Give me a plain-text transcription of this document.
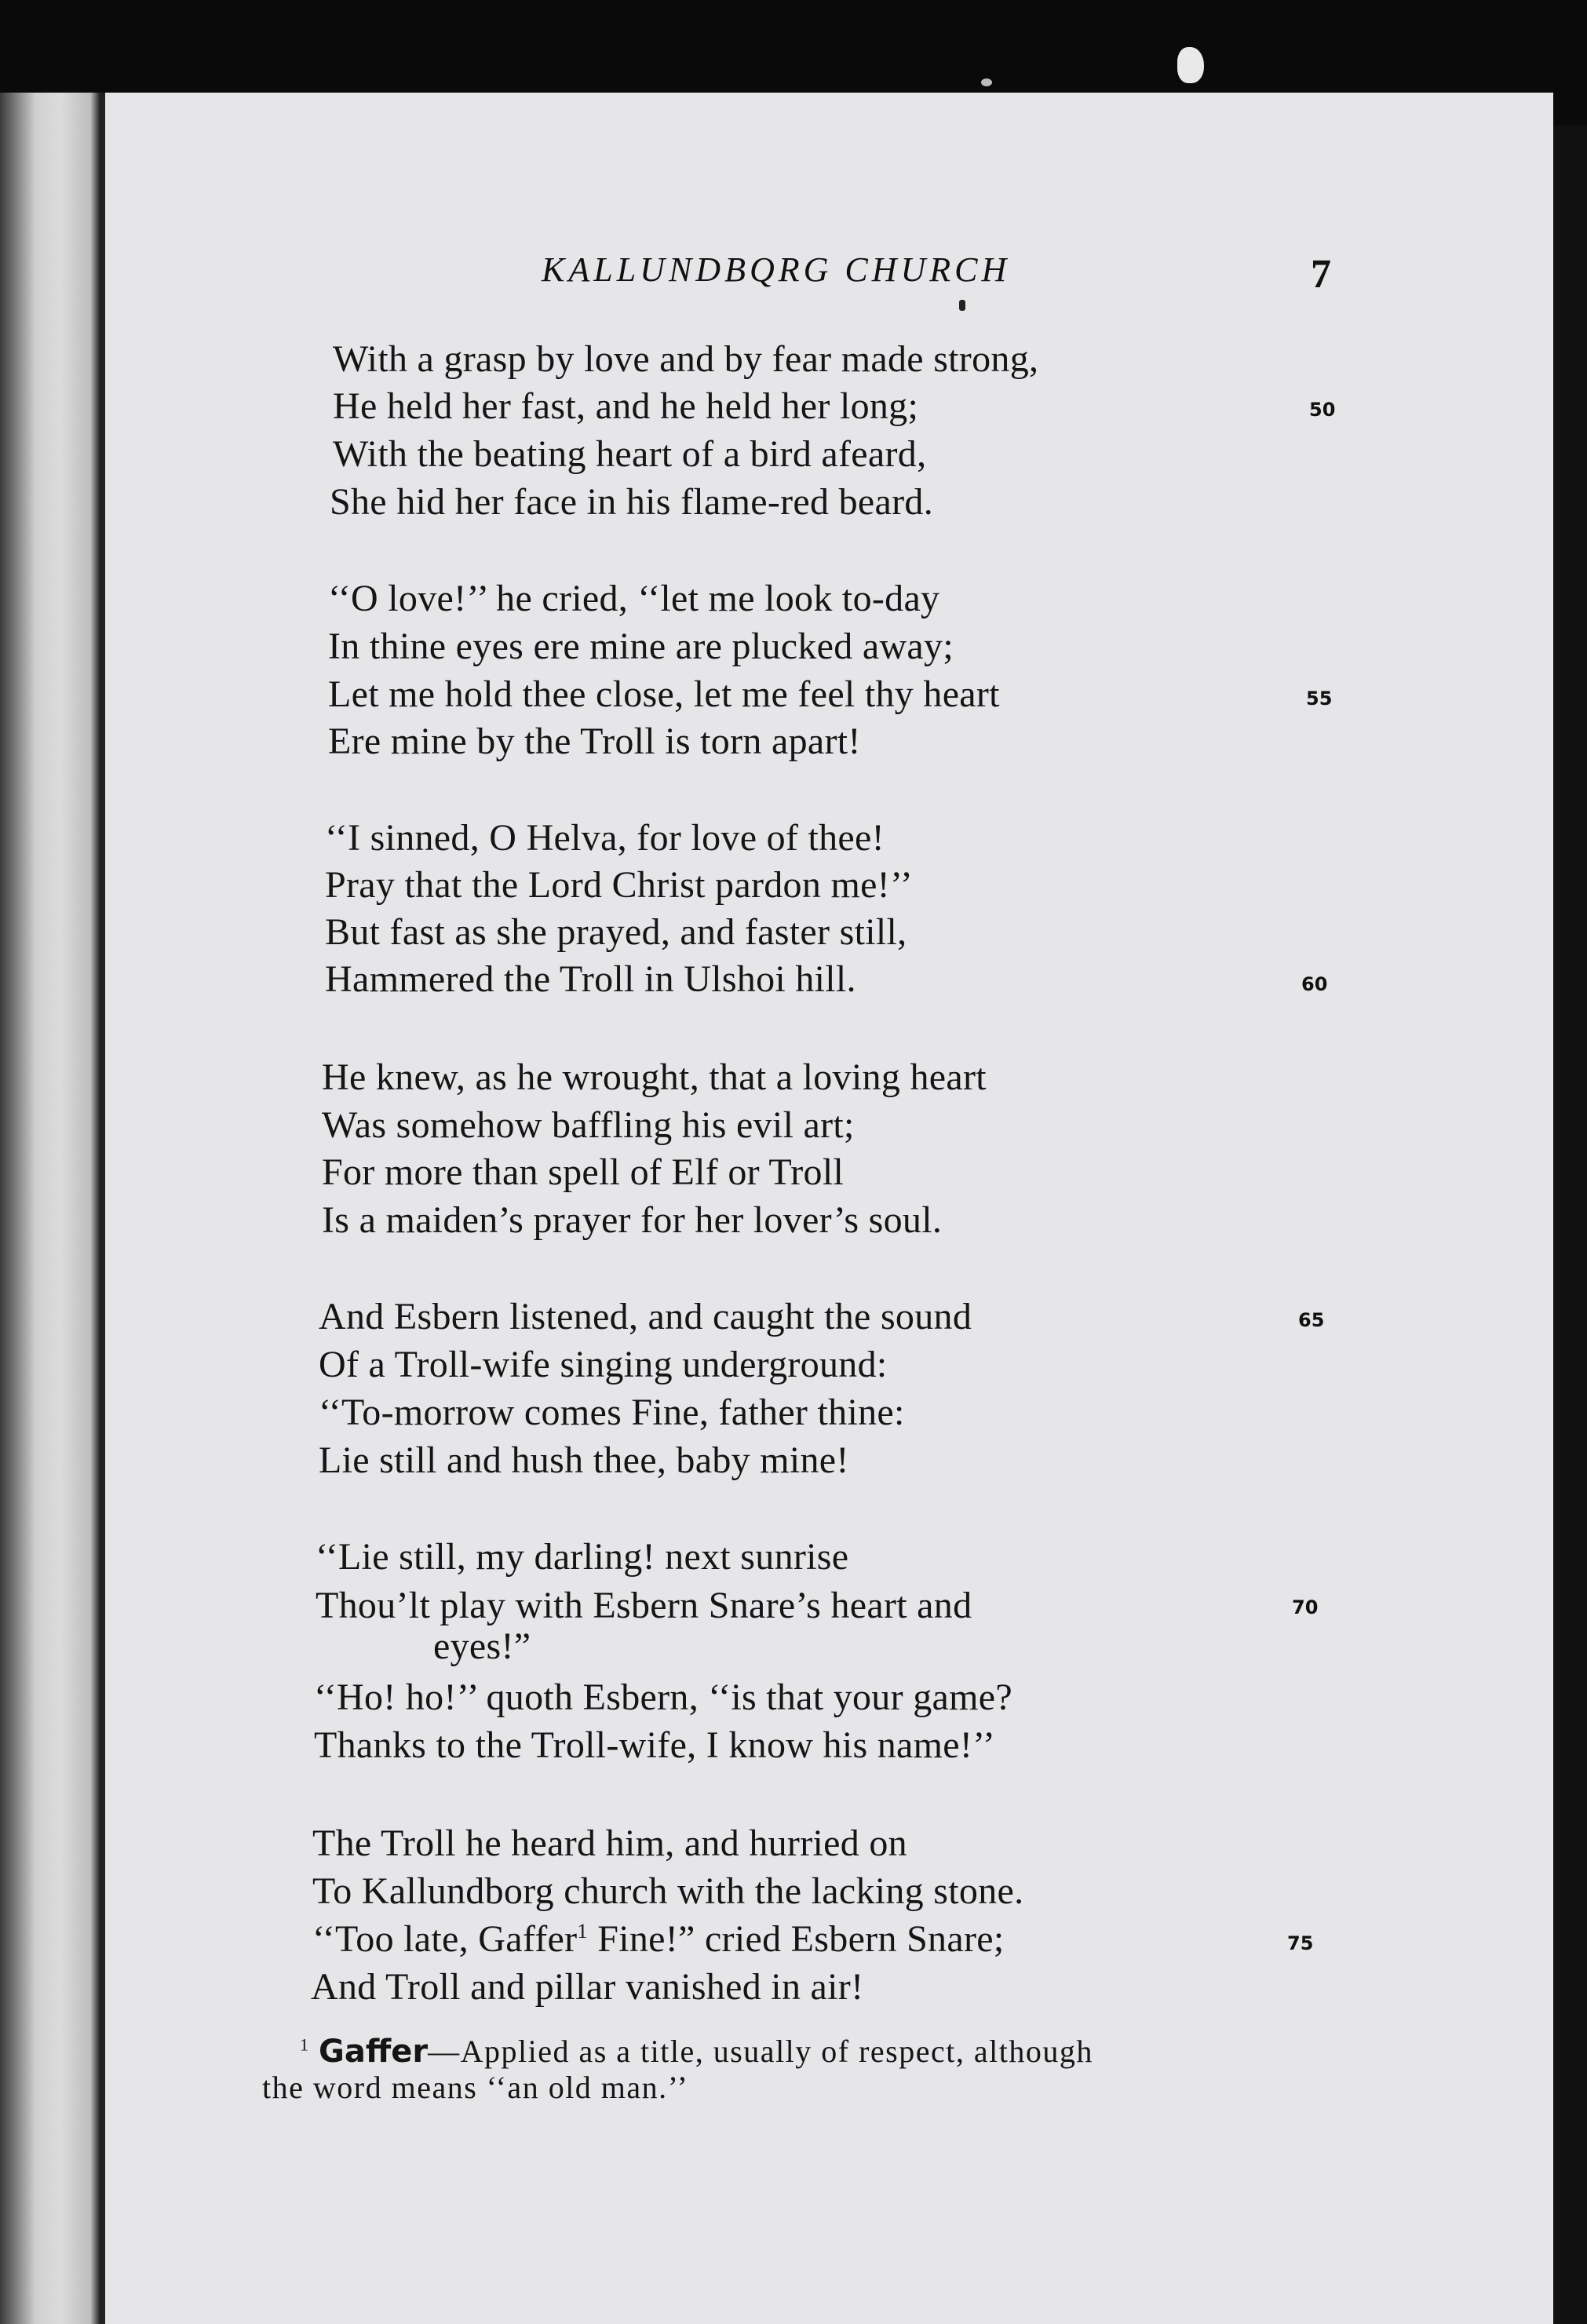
KALLUNDBQRG CHURCH	7
With a grasp by love and by fear made strong,
He held her fast, and he held her long;
With the beating heart of a bird afeard,
She hid her face in his flame-red beard.
‘‘O love!’’ he cried, ‘‘let me look to-day
In thine eyes ere mine are plucked away;
Let me hold thee close, let me feel thy heart
Ere mine by the Troll is torn apart!
‘‘I sinned, O Helva, for love of thee!
Pray that the Lord Christ pardon me!’’
But fast as she prayed, and faster still,
Hammered the Troll in Ulshoi hill.
He knew, as he wrought, that a loving heart
Was somehow baffling his evil art;
For more than spell of Elf or Troll
Is a maiden’s prayer for her lover’s soul.
And Esbern listened, and caught the sound
Of a Troll-wife singing underground:
‘‘To-morrow comes Fine, father thine:
Lie still and hush thee, baby mine!
‘‘Lie still, my darling! next sunrise
Thou’lt play with Esbern Snare’s heart and
eyes!”
‘‘Ho! ho!’’ quoth Esbern, ‘‘is that your game?
Thanks to the Troll-wife, I know his name!’’
The Troll he heard him, and hurried on
To Kallundborg church with the lacking stone.
‘‘Too late, Gaffer$^1$ Fine!” cried Esbern Snare;
And Troll and pillar vanished in air!
50
55
60
65
70
75
$^1$ Gaffer—Applied as a title, usually of respect, although
the word means ‘‘an old man.’’
